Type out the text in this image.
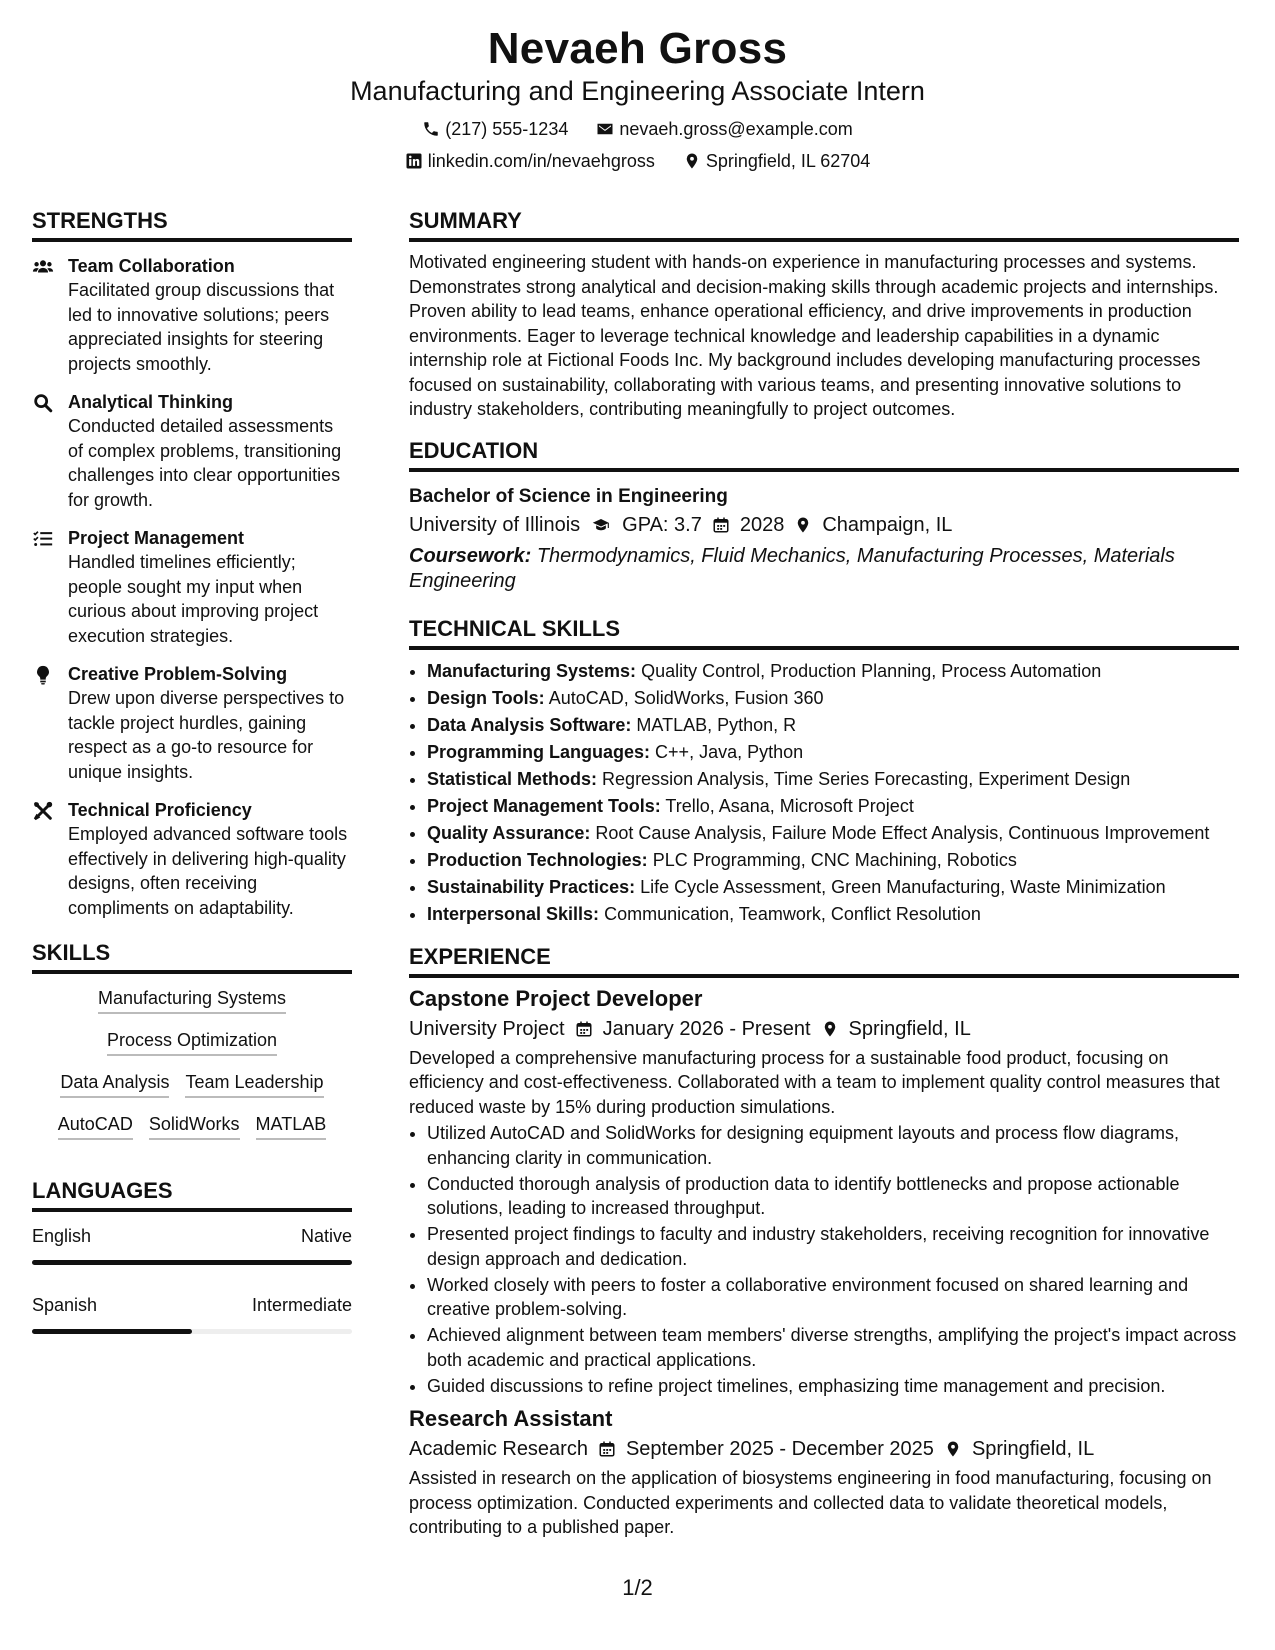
Nevaeh Gross
Manufacturing and Engineering Associate Intern
(217) 555-1234	nevaeh.gross@example.com
linkedin.com/in/nevaehgross	Springfield, IL 62704
STRENGTHS
Team Collaboration
Facilitated group discussions that led to innovative solutions; peers appreciated insights for steering projects smoothly.
Analytical Thinking
Conducted detailed assessments of complex problems, transitioning challenges into clear opportunities for growth.
Project Management
Handled timelines efficiently; people sought my input when curious about improving project execution strategies.
Creative Problem-Solving
Drew upon diverse perspectives to tackle project hurdles, gaining respect as a go-to resource for unique insights.
Technical Proficiency
Employed advanced software tools effectively in delivering high-quality designs, often receiving compliments on adaptability.
SKILLS
Manufacturing Systems
Process Optimization
Data Analysis Team Leadership
AutoCAD SolidWorks MATLAB
LANGUAGES
English	Native
Spanish	Intermediate
SUMMARY
Motivated engineering student with hands-on experience in manufacturing processes and systems. Demonstrates strong analytical and decision-making skills through academic projects and internships. Proven ability to lead teams, enhance operational efficiency, and drive improvements in production environments. Eager to leverage technical knowledge and leadership capabilities in a dynamic internship role at Fictional Foods Inc. My background includes developing manufacturing processes focused on sustainability, collaborating with various teams, and presenting innovative solutions to industry stakeholders, contributing meaningfully to project outcomes.
EDUCATION
Bachelor of Science in Engineering
University of Illinois GPA: 3.7 2028 Champaign, IL
Coursework: Thermodynamics, Fluid Mechanics, Manufacturing Processes, Materials Engineering
TECHNICAL SKILLS
• Manufacturing Systems: Quality Control, Production Planning, Process Automation
• Design Tools: AutoCAD, SolidWorks, Fusion 360
• Data Analysis Software: MATLAB, Python, R
• Programming Languages: C++, Java, Python
• Statistical Methods: Regression Analysis, Time Series Forecasting, Experiment Design
• Project Management Tools: Trello, Asana, Microsoft Project
• Quality Assurance: Root Cause Analysis, Failure Mode Effect Analysis, Continuous Improvement
• Production Technologies: PLC Programming, CNC Machining, Robotics
• Sustainability Practices: Life Cycle Assessment, Green Manufacturing, Waste Minimization
• Interpersonal Skills: Communication, Teamwork, Conflict Resolution
EXPERIENCE
Capstone Project Developer
University Project January 2026 - Present Springfield, IL
Developed a comprehensive manufacturing process for a sustainable food product, focusing on efficiency and cost-effectiveness. Collaborated with a team to implement quality control measures that reduced waste by 15% during production simulations.
• Utilized AutoCAD and SolidWorks for designing equipment layouts and process flow diagrams, enhancing clarity in communication.
• Conducted thorough analysis of production data to identify bottlenecks and propose actionable solutions, leading to increased throughput.
• Presented project findings to faculty and industry stakeholders, receiving recognition for innovative design approach and dedication.
• Worked closely with peers to foster a collaborative environment focused on shared learning and creative problem-solving.
• Achieved alignment between team members' diverse strengths, amplifying the project's impact across both academic and practical applications.
• Guided discussions to refine project timelines, emphasizing time management and precision.
Research Assistant
Academic Research September 2025 - December 2025 Springfield, IL
Assisted in research on the application of biosystems engineering in food manufacturing, focusing on process optimization. Conducted experiments and collected data to validate theoretical models, contributing to a published paper.
1/2
